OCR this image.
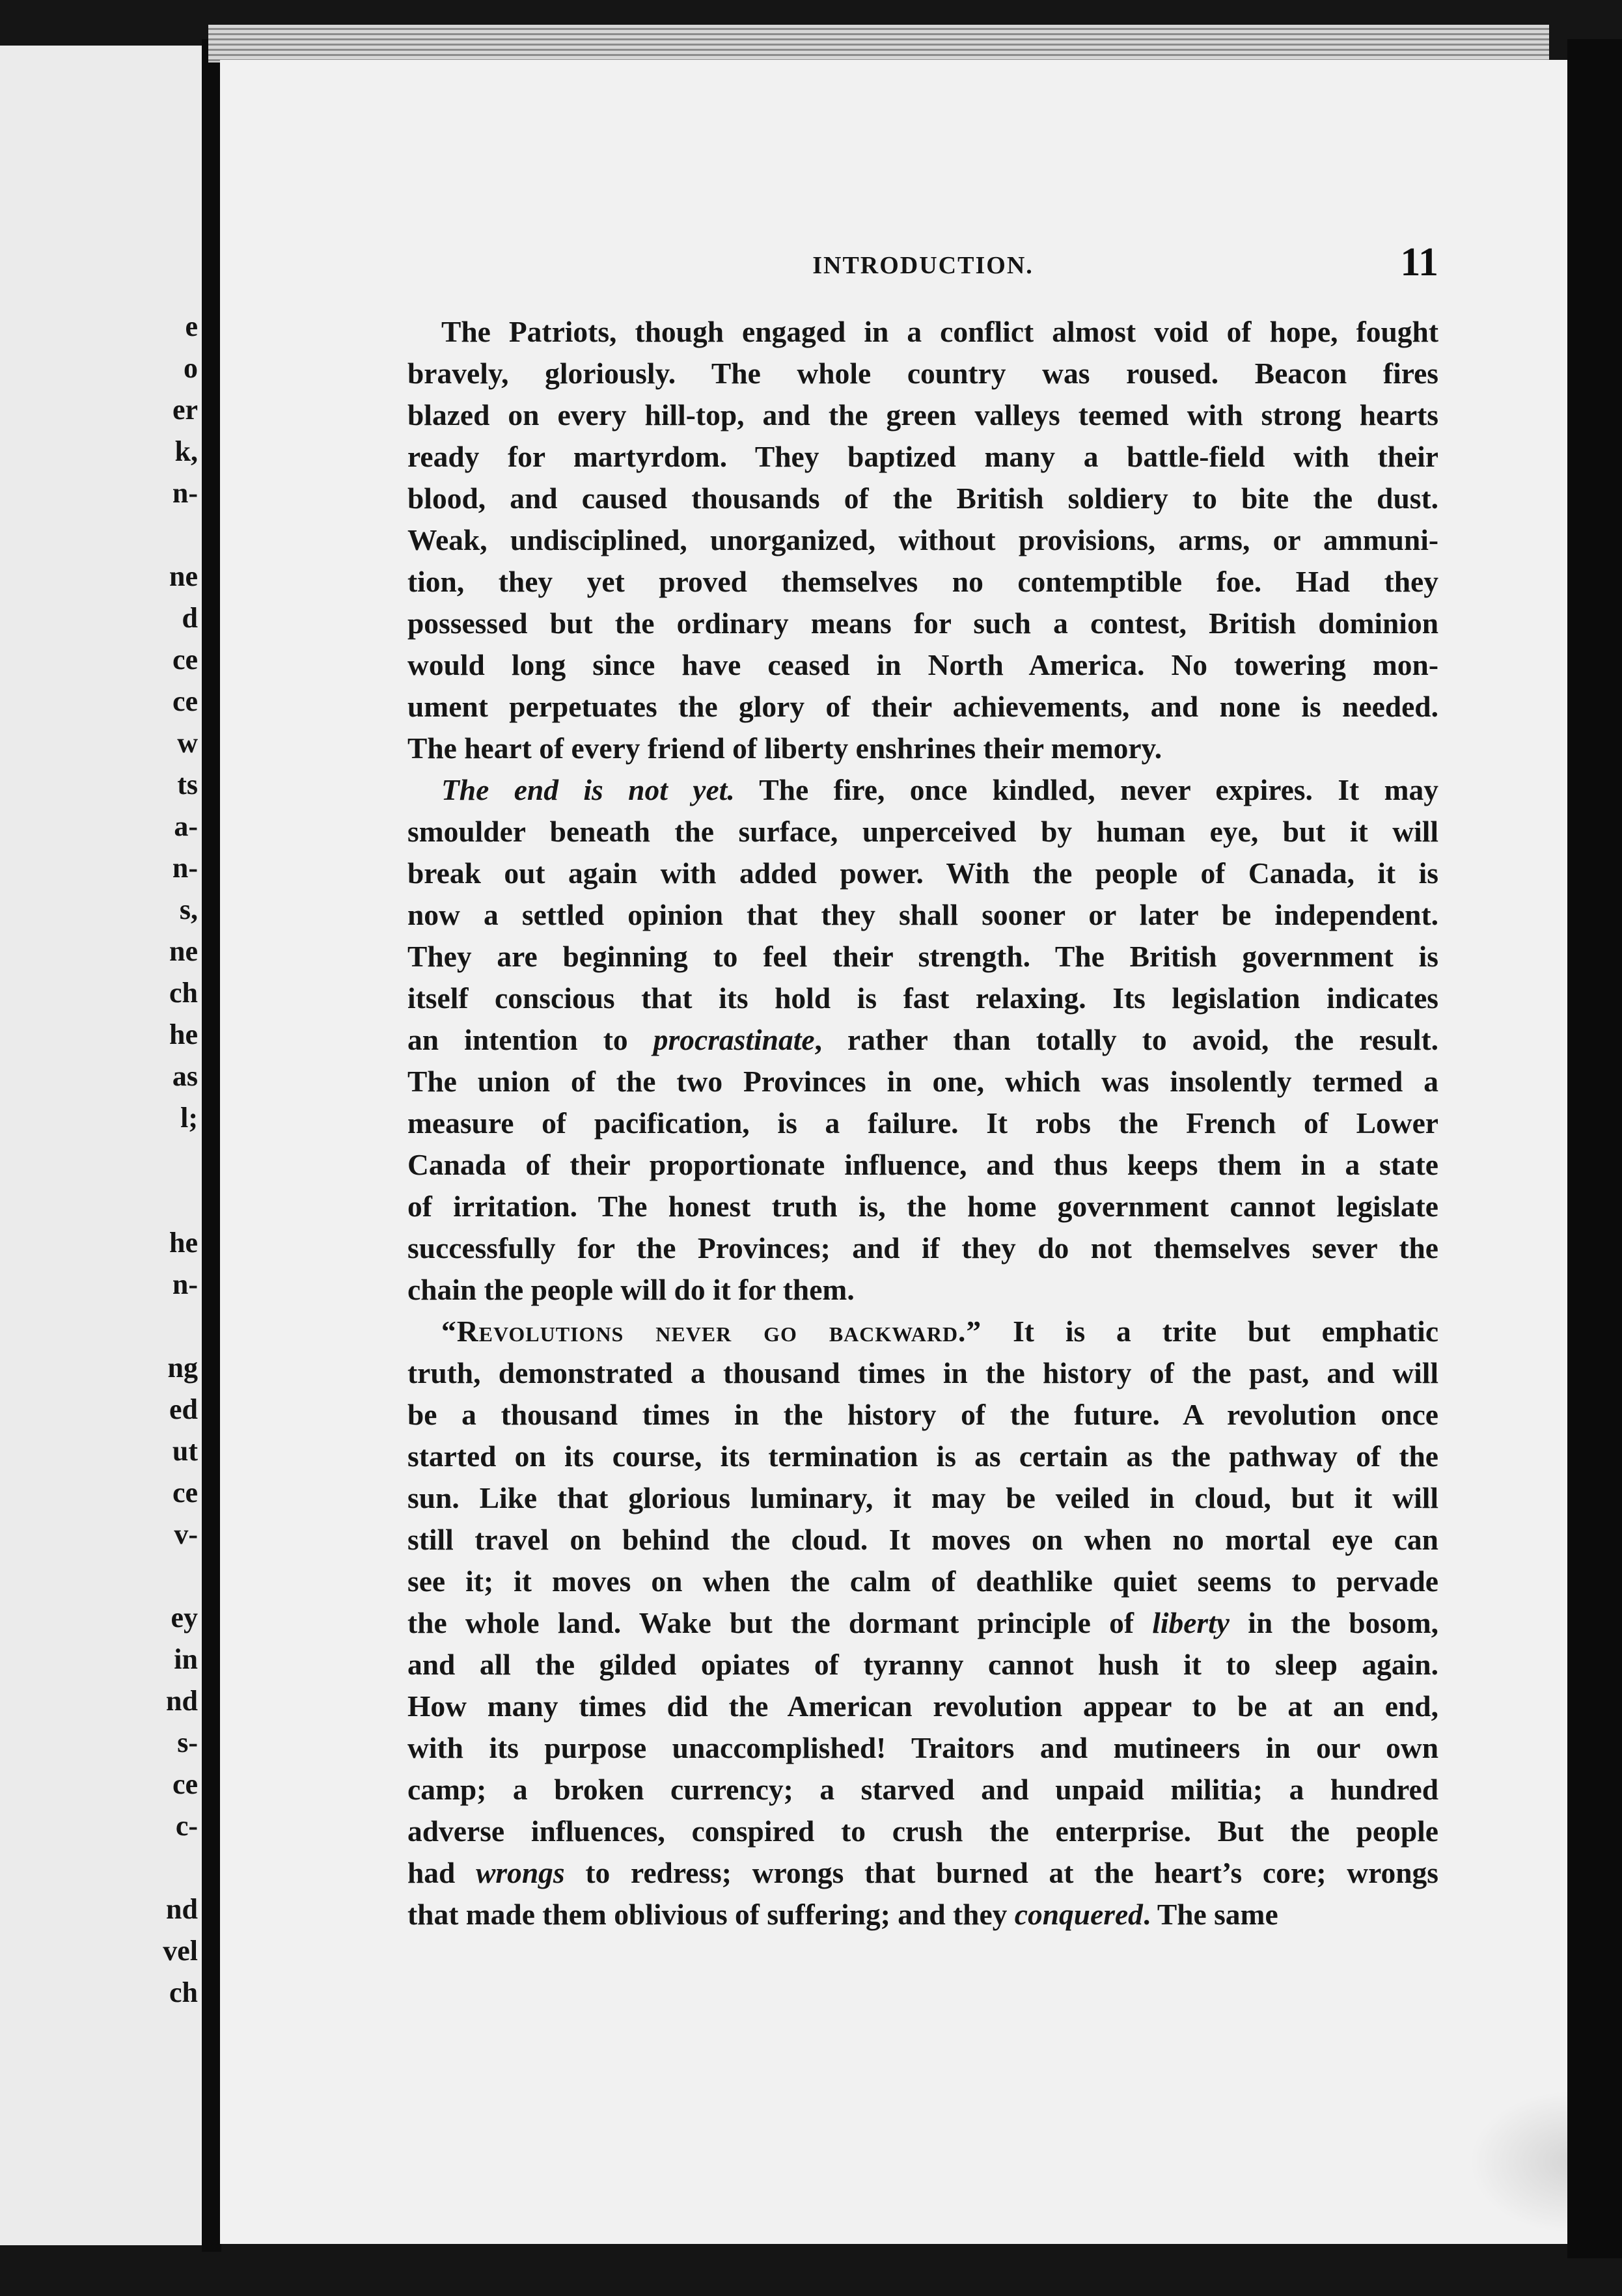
e
o
er
k,
n-

ne
d
ce
ce
w
ts
a-
n-
s,
ne
ch
he
as
l;

he
n-

ng
ed
ut
ce
v-

ey
in
nd
s-
ce
c-

nd
vel
ch
INTRODUCTION.	11
The Patriots, though engaged in a conflict almost void of hope, fought
bravely, gloriously. The whole country was roused. Beacon fires
blazed on every hill-top, and the green valleys teemed with strong hearts
ready for martyrdom. They baptized many a battle-field with their
blood, and caused thousands of the British soldiery to bite the dust.
Weak, undisciplined, unorganized, without provisions, arms, or ammuni-
tion, they yet proved themselves no contemptible foe. Had they
possessed but the ordinary means for such a contest, British dominion
would long since have ceased in North America. No towering mon-
ument perpetuates the glory of their achievements, and none is needed.
The heart of every friend of liberty enshrines their memory.
The end is not yet. The fire, once kindled, never expires. It may
smoulder beneath the surface, unperceived by human eye, but it will
break out again with added power. With the people of Canada, it is
now a settled opinion that they shall sooner or later be independent.
They are beginning to feel their strength. The British government is
itself conscious that its hold is fast relaxing. Its legislation indicates
an intention to procrastinate, rather than totally to avoid, the result.
The union of the two Provinces in one, which was insolently termed a
measure of pacification, is a failure. It robs the French of Lower
Canada of their proportionate influence, and thus keeps them in a state
of irritation. The honest truth is, the home government cannot legislate
successfully for the Provinces; and if they do not themselves sever the
chain the people will do it for them.
“Revolutions never go backward.” It is a trite but emphatic
truth, demonstrated a thousand times in the history of the past, and will
be a thousand times in the history of the future. A revolution once
started on its course, its termination is as certain as the pathway of the
sun. Like that glorious luminary, it may be veiled in cloud, but it will
still travel on behind the cloud. It moves on when no mortal eye can
see it; it moves on when the calm of deathlike quiet seems to pervade
the whole land. Wake but the dormant principle of liberty in the bosom,
and all the gilded opiates of tyranny cannot hush it to sleep again.
How many times did the American revolution appear to be at an end,
with its purpose unaccomplished! Traitors and mutineers in our own
camp; a broken currency; a starved and unpaid militia; a hundred
adverse influences, conspired to crush the enterprise. But the people
had wrongs to redress; wrongs that burned at the heart’s core; wrongs
that made them oblivious of suffering; and they conquered. The same
